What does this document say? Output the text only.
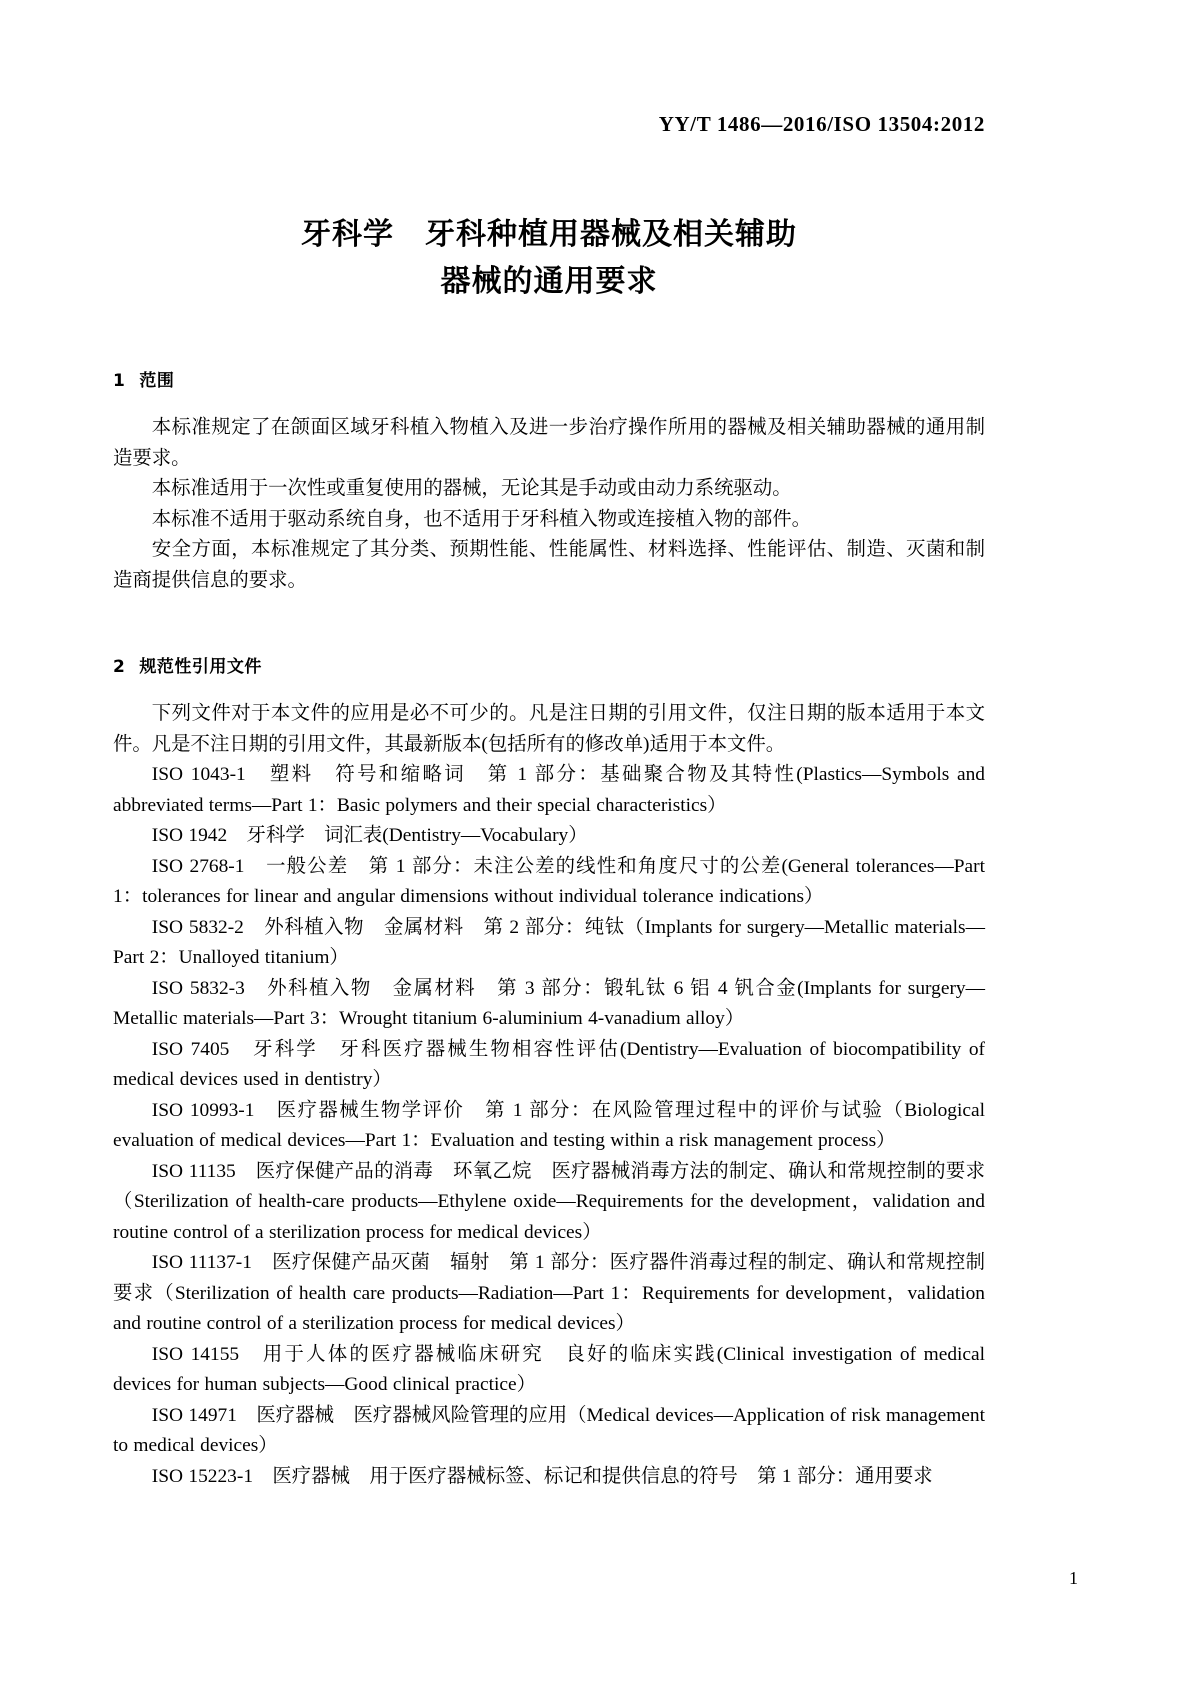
YY/T 1486—2016/ISO 13504:2012
牙科学　牙科种植用器械及相关辅助
器械的通用要求
1 范围

本标准规定了在颌面区域牙科植入物植入及进一步治疗操作所用的器械及相关辅助器械的通用制造要求。

本标准适用于一次性或重复使用的器械，无论其是手动或由动力系统驱动。

本标准不适用于驱动系统自身，也不适用于牙科植入物或连接植入物的部件。

安全方面，本标准规定了其分类、预期性能、性能属性、材料选择、性能评估、制造、灭菌和制造商提供信息的要求。

2 规范性引用文件

下列文件对于本文件的应用是必不可少的。凡是注日期的引用文件，仅注日期的版本适用于本文件。凡是不注日期的引用文件，其最新版本(包括所有的修改单)适用于本文件。

ISO 1043-1　塑料　符号和缩略词　第 1 部分：基础聚合物及其特性(Plastics—Symbols and abbreviated terms—Part 1：Basic polymers and their special characteristics）

ISO 1942　牙科学　词汇表(Dentistry—Vocabulary）

ISO 2768-1　一般公差　第 1 部分：未注公差的线性和角度尺寸的公差(General tolerances—Part 1：tolerances for linear and angular dimensions without individual tolerance indications）

ISO 5832-2　外科植入物　金属材料　第 2 部分：纯钛（Implants for surgery—Metallic materials—Part 2：Unalloyed titanium）

ISO 5832-3　外科植入物　金属材料　第 3 部分：锻轧钛 6 铝 4 钒合金(Implants for surgery—Metallic materials—Part 3：Wrought titanium 6-aluminium 4-vanadium alloy）

ISO 7405　牙科学　牙科医疗器械生物相容性评估(Dentistry—Evaluation of biocompatibility of medical devices used in dentistry）

ISO 10993-1　医疗器械生物学评价　第 1 部分：在风险管理过程中的评价与试验（Biological evaluation of medical devices—Part 1：Evaluation and testing within a risk management process）

ISO 11135　医疗保健产品的消毒　环氧乙烷　医疗器械消毒方法的制定、确认和常规控制的要求（Sterilization of health-care products—Ethylene oxide—Requirements for the development，validation and routine control of a sterilization process for medical devices）

ISO 11137-1　医疗保健产品灭菌　辐射　第 1 部分：医疗器件消毒过程的制定、确认和常规控制要求（Sterilization of health care products—Radiation—Part 1：Requirements for development，validation and routine control of a sterilization process for medical devices）

ISO 14155　用于人体的医疗器械临床研究　良好的临床实践(Clinical investigation of medical devices for human subjects—Good clinical practice）

ISO 14971　医疗器械　医疗器械风险管理的应用（Medical devices—Application of risk management to medical devices）

ISO 15223-1　医疗器械　用于医疗器械标签、标记和提供信息的符号　第 1 部分：通用要求

1
